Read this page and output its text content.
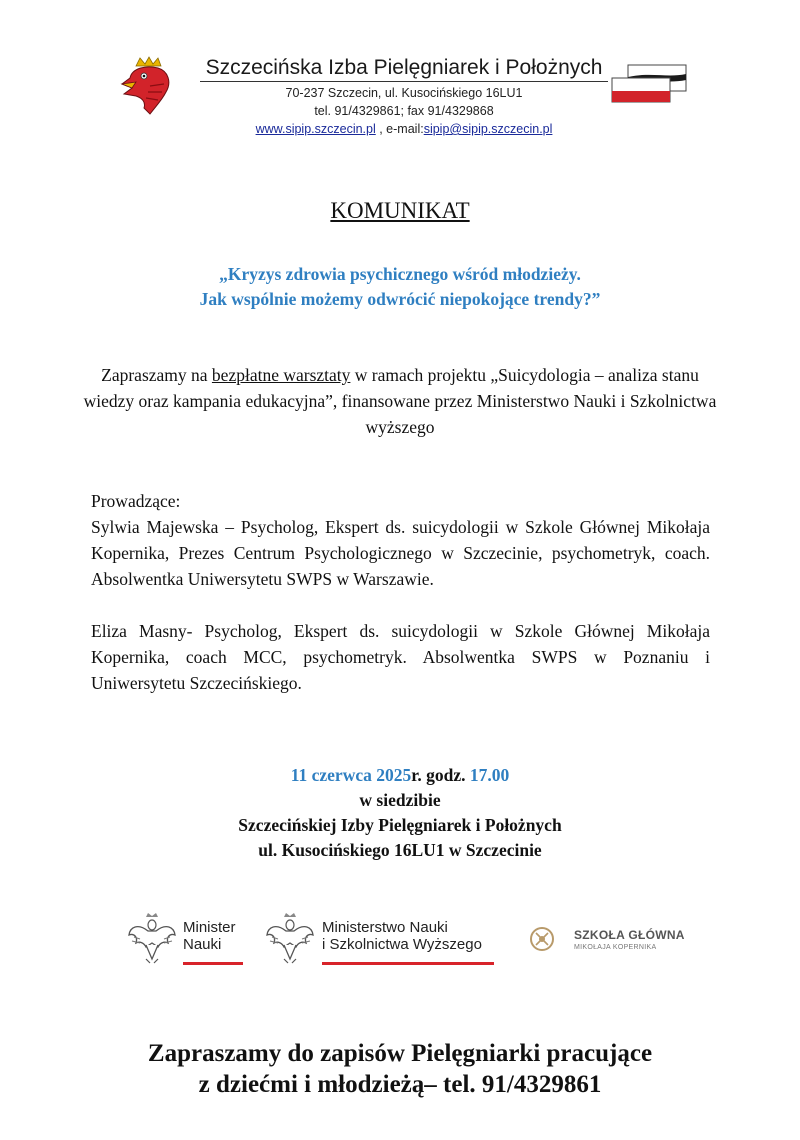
Szczecińska Izba Pielęgniarek i Położnych
70-237 Szczecin, ul. Kusocińskiego 16LU1
tel. 91/4329861; fax 91/4329868
www.sipip.szczecin.pl , e-mail:sipip@sipip.szczecin.pl
KOMUNIKAT
„Kryzys zdrowia psychicznego wśród młodzieży.
Jak wspólnie możemy odwrócić niepokojące trendy?”
Zapraszamy na bezpłatne warsztaty w ramach projektu „Suicydologia – analiza stanu wiedzy oraz kampania edukacyjna”, finansowane przez Ministerstwo Nauki i Szkolnictwa wyższego

Prowadzące:

Sylwia Majewska – Psycholog, Ekspert ds. suicydologii w Szkole Głównej Mikołaja Kopernika, Prezes Centrum Psychologicznego w Szczecinie, psychometryk, coach. Absolwentka Uniwersytetu SWPS w Warszawie.

Eliza Masny- Psycholog, Ekspert ds. suicydologii w Szkole Głównej Mikołaja Kopernika, coach MCC, psychometryk. Absolwentka SWPS w Poznaniu i Uniwersytetu Szczecińskiego.

11 czerwca 2025r. godz. 17.00
w siedzibie
Szczecińskiej Izby Pielęgniarek i Położnych
ul. Kusocińskiego 16LU1 w Szczecinie
Minister
Nauki
Ministerstwo Nauki
i Szkolnictwa Wyższego
SZKOŁA GŁÓWNA
MIKOŁAJA KOPERNIKA
Zapraszamy do zapisów Pielęgniarki pracujące
z dziećmi i młodzieżą– tel. 91/4329861
